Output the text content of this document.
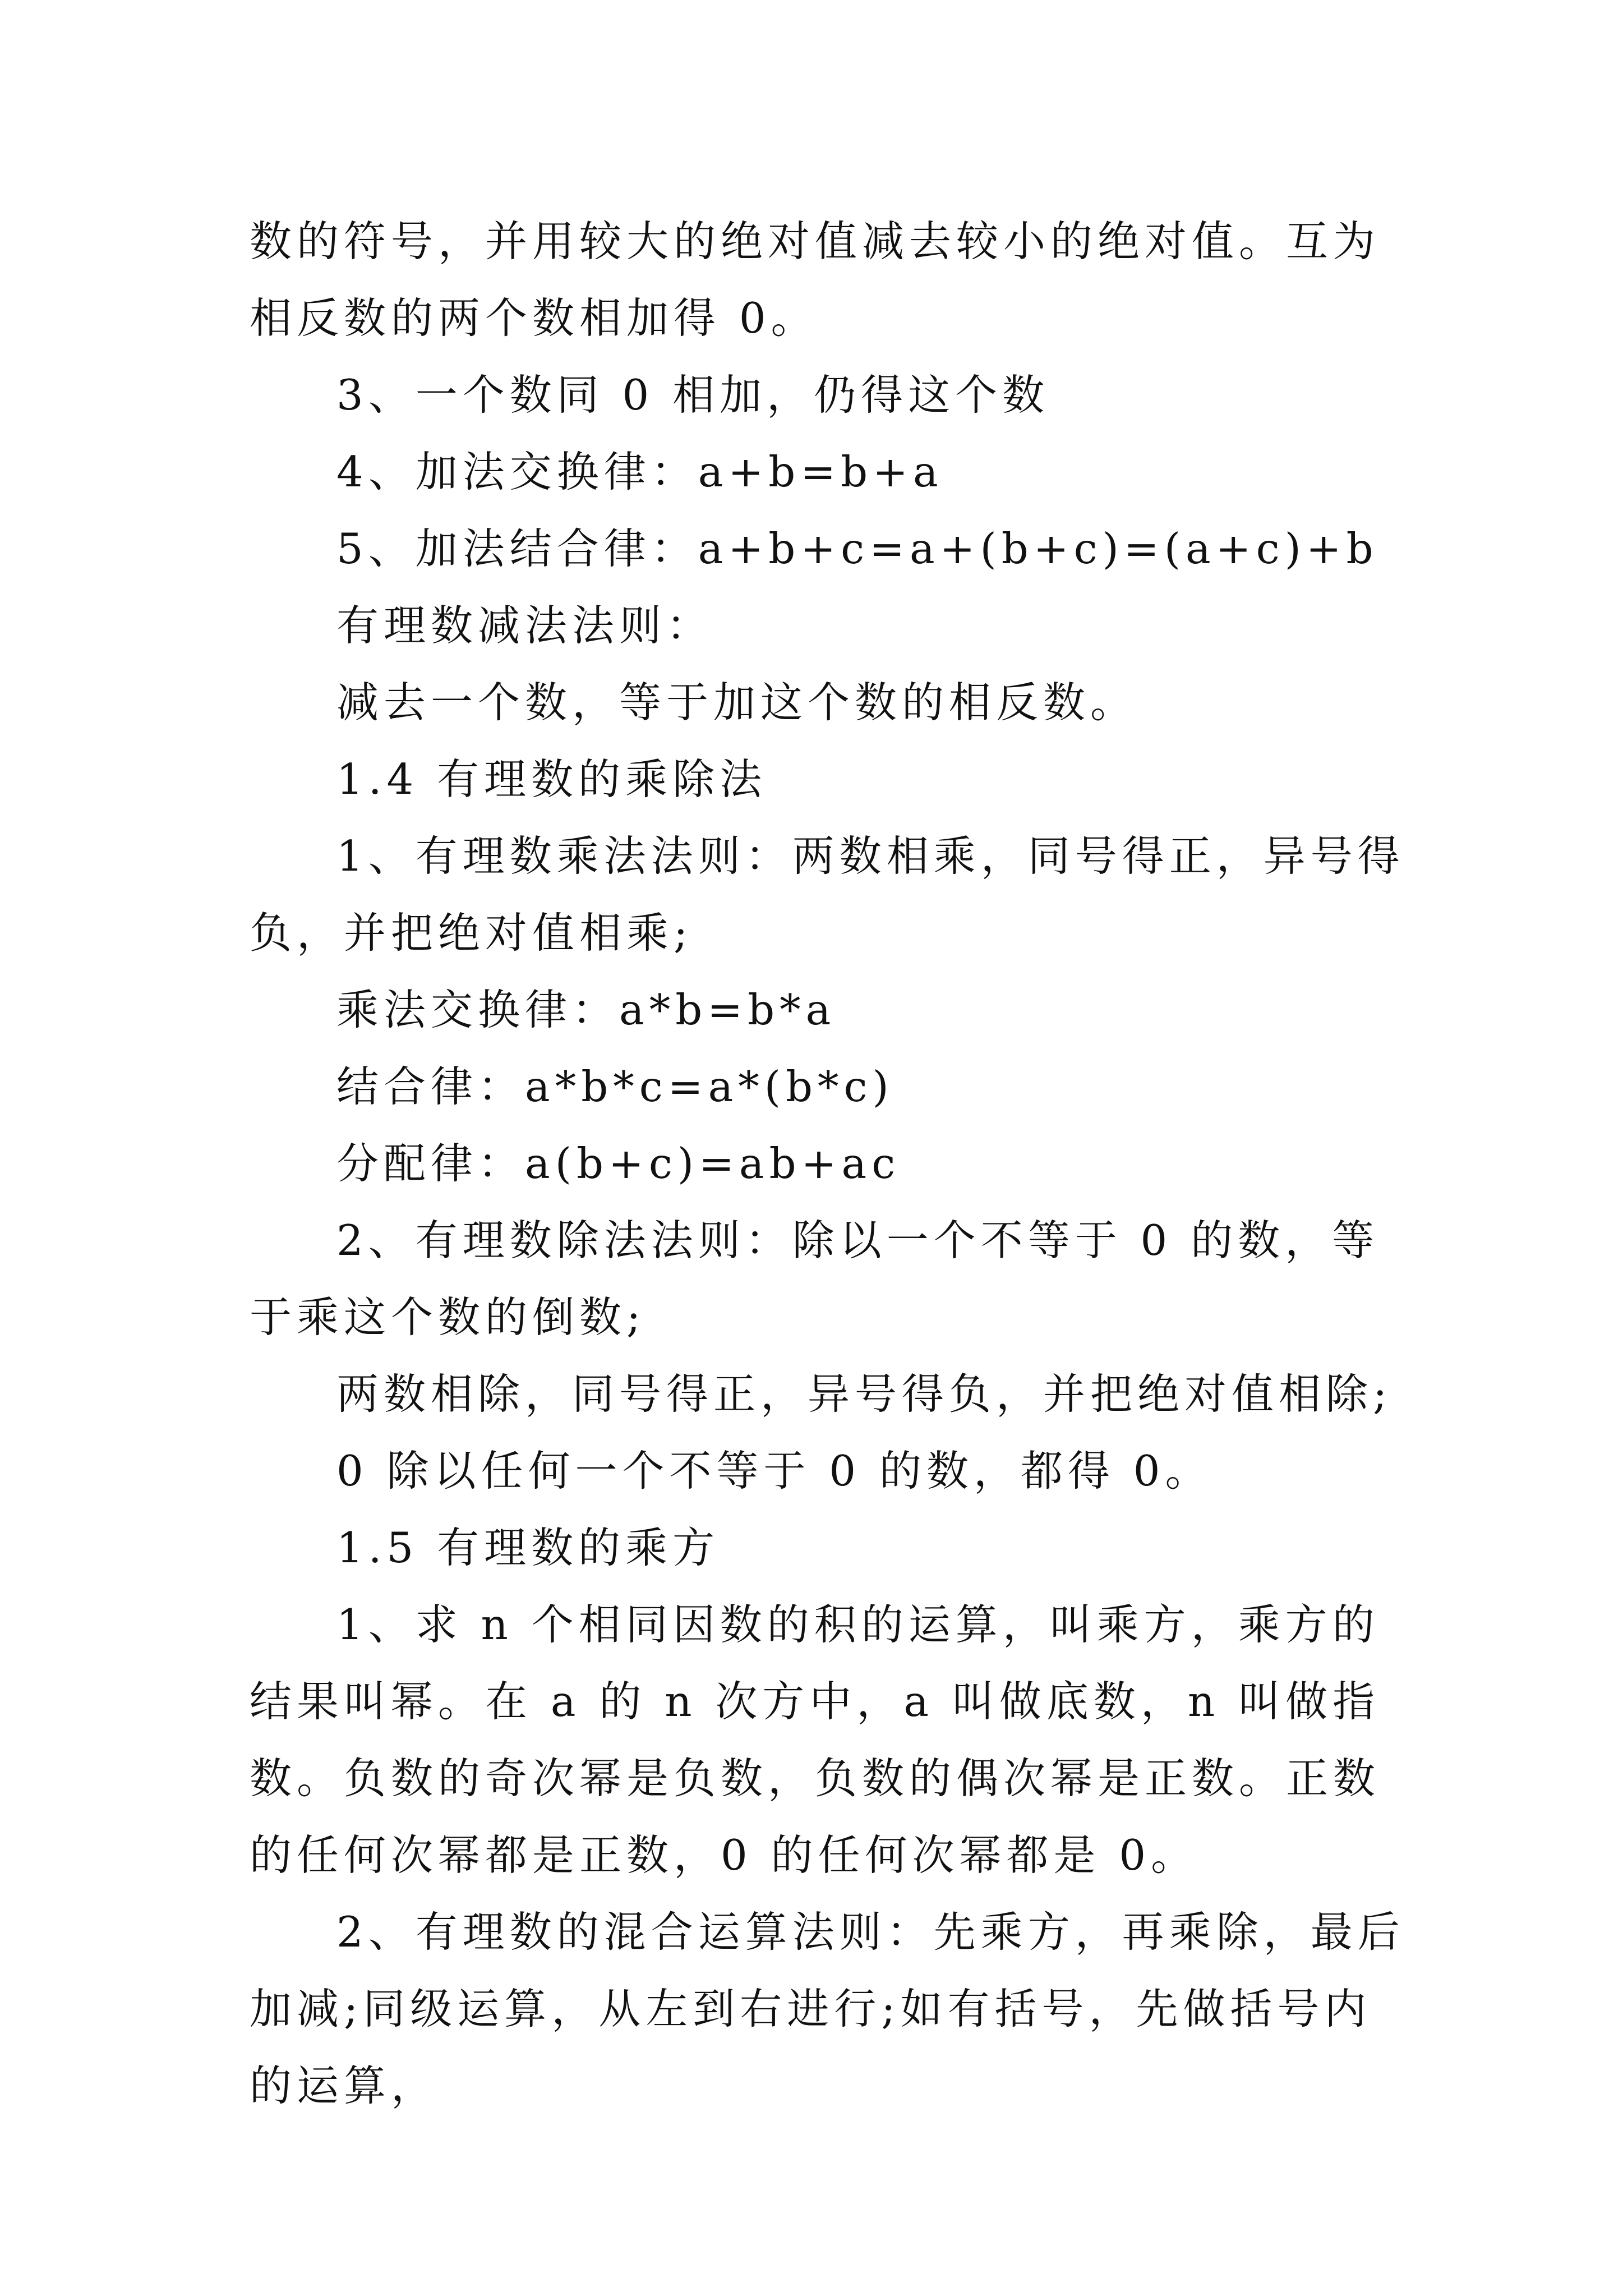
数的符号，并用较大的绝对值减去较小的绝对值。互为相反数的两个数相加得 0。

3、一个数同 0 相加，仍得这个数

4、加法交换律：a+b=b+a

5、加法结合律：a+b+c=a+(b+c)=(a+c)+b

有理数减法法则：

减去一个数，等于加这个数的相反数。

1.4 有理数的乘除法

1、有理数乘法法则：两数相乘，同号得正，异号得负，并把绝对值相乘;

乘法交换律：a*b=b*a

结合律：a*b*c=a*(b*c)

分配律：a(b+c)=ab+ac

2、有理数除法法则：除以一个不等于 0 的数，等于乘这个数的倒数;

两数相除，同号得正，异号得负，并把绝对值相除;

0 除以任何一个不等于 0 的数，都得 0。

1.5 有理数的乘方

1、求 n 个相同因数的积的运算，叫乘方，乘方的结果叫幂。在 a 的 n 次方中，a 叫做底数，n 叫做指数。负数的奇次幂是负数，负数的偶次幂是正数。正数的任何次幂都是正数，0 的任何次幂都是 0。

2、有理数的混合运算法则：先乘方，再乘除，最后加减;同级运算，从左到右进行;如有括号，先做括号内的运算，
